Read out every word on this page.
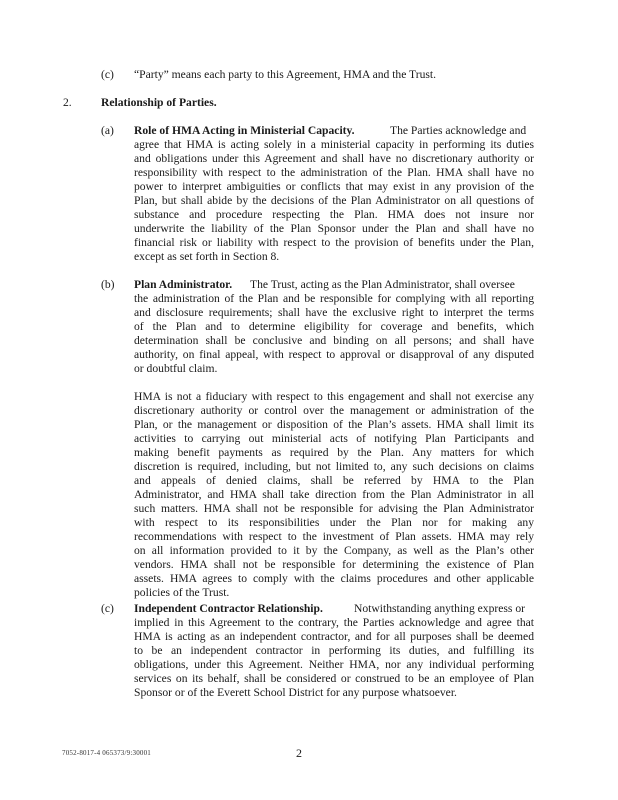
(c) “Party” means each party to this Agreement, HMA and the Trust.
2.	Relationship of Parties.
(a) Role of HMA Acting in Ministerial Capacity.	The Parties acknowledge and
agree that HMA is acting solely in a ministerial capacity in performing its duties
and obligations under this Agreement and shall have no discretionary authority or
responsibility with respect to the administration of the Plan. HMA shall have no
power to interpret ambiguities or conflicts that may exist in any provision of the
Plan, but shall abide by the decisions of the Plan Administrator on all questions of
substance and procedure respecting the Plan. HMA does not insure nor
underwrite the liability of the Plan Sponsor under the Plan and shall have no
financial risk or liability with respect to the provision of benefits under the Plan,
except as set forth in Section 8.
(b) Plan Administrator. The Trust, acting as the Plan Administrator, shall oversee
the administration of the Plan and be responsible for complying with all reporting
and disclosure requirements; shall have the exclusive right to interpret the terms
of the Plan and to determine eligibility for coverage and benefits, which
determination shall be conclusive and binding on all persons; and shall have
authority, on final appeal, with respect to approval or disapproval of any disputed
or doubtful claim.
HMA is not a fiduciary with respect to this engagement and shall not exercise any
discretionary authority or control over the management or administration of the
Plan, or the management or disposition of the Plan’s assets. HMA shall limit its
activities to carrying out ministerial acts of notifying Plan Participants and
making benefit payments as required by the Plan. Any matters for which
discretion is required, including, but not limited to, any such decisions on claims
and appeals of denied claims, shall be referred by HMA to the Plan
Administrator, and HMA shall take direction from the Plan Administrator in all
such matters. HMA shall not be responsible for advising the Plan Administrator
with respect to its responsibilities under the Plan nor for making any
recommendations with respect to the investment of Plan assets. HMA may rely
on all information provided to it by the Company, as well as the Plan’s other
vendors. HMA shall not be responsible for determining the existence of Plan
assets. HMA agrees to comply with the claims procedures and other applicable
policies of the Trust.
(c) Independent Contractor Relationship.	Notwithstanding anything express or
implied in this Agreement to the contrary, the Parties acknowledge and agree that
HMA is acting as an independent contractor, and for all purposes shall be deemed
to be an independent contractor in performing its duties, and fulfilling its
obligations, under this Agreement. Neither HMA, nor any individual performing
services on its behalf, shall be considered or construed to be an employee of Plan
Sponsor or of the Everett School District for any purpose whatsoever.
7052-8017-4 065373/9:30001	2
